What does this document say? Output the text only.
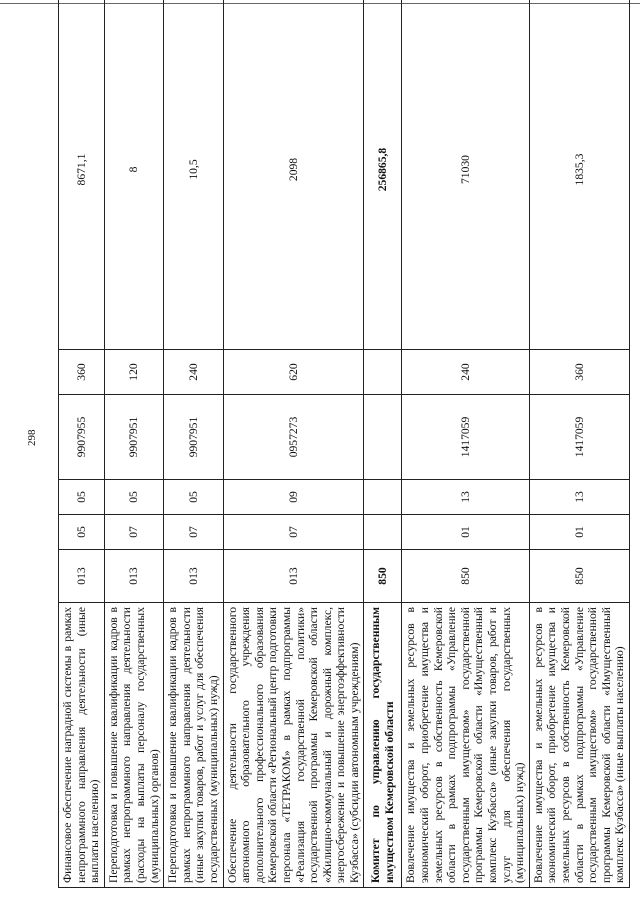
298
Финансовое обеспечение наградной системы в рамках непрограммного направления деятельности (иные выплаты населению)	013	05	05	9907955	360	8671,1
Переподготовка и повышение квалификации кадров в рамках непрограммного направления деятельности (расходы на выплаты персоналу государственных (муниципальных) органов)	013	07	05	9907951	120	8
Переподготовка и повышение квалификации кадров в рамках непрограммного направления деятельности (иные закупки товаров, работ и услуг для обеспечения государственных (муниципальных) нужд)	013	07	05	9907951	240	10,5
Обеспечение деятельности государственного автономного образовательного учреждения дополнительного профессионального образования Кемеровской области «Региональный центр подготовки персонала «ТЕТРАКОМ» в рамках подпрограммы «Реализация государственной политики» государственной программы Кемеровской области «Жилищно-коммунальный и дорожный комплекс, энергосбережение и повышение энергоэффективности Кузбасса» (субсидии автономным учреждениям)	013	07	09	0957273	620	2098
Комитет по управлению государственным имуществом Кемеровской области	850					256865,8
Вовлечение имущества и земельных ресурсов в экономический оборот, приобретение имущества и земельных ресурсов в собственность Кемеровской области в рамках подпрограммы «Управление государственным имуществом» государственной программы Кемеровской области «Имущественный комплекс Кузбасса» (иные закупки товаров, работ и услуг для обеспечения государственных (муниципальных) нужд)	850	01	13	1417059	240	71030
Вовлечение имущества и земельных ресурсов в экономический оборот, приобретение имущества и земельных ресурсов в собственность Кемеровской области в рамках подпрограммы «Управление государственным имуществом» государственной программы Кемеровской области «Имущественный комплекс Кузбасса» (иные выплаты населению)	850	01	13	1417059	360	1835,3
